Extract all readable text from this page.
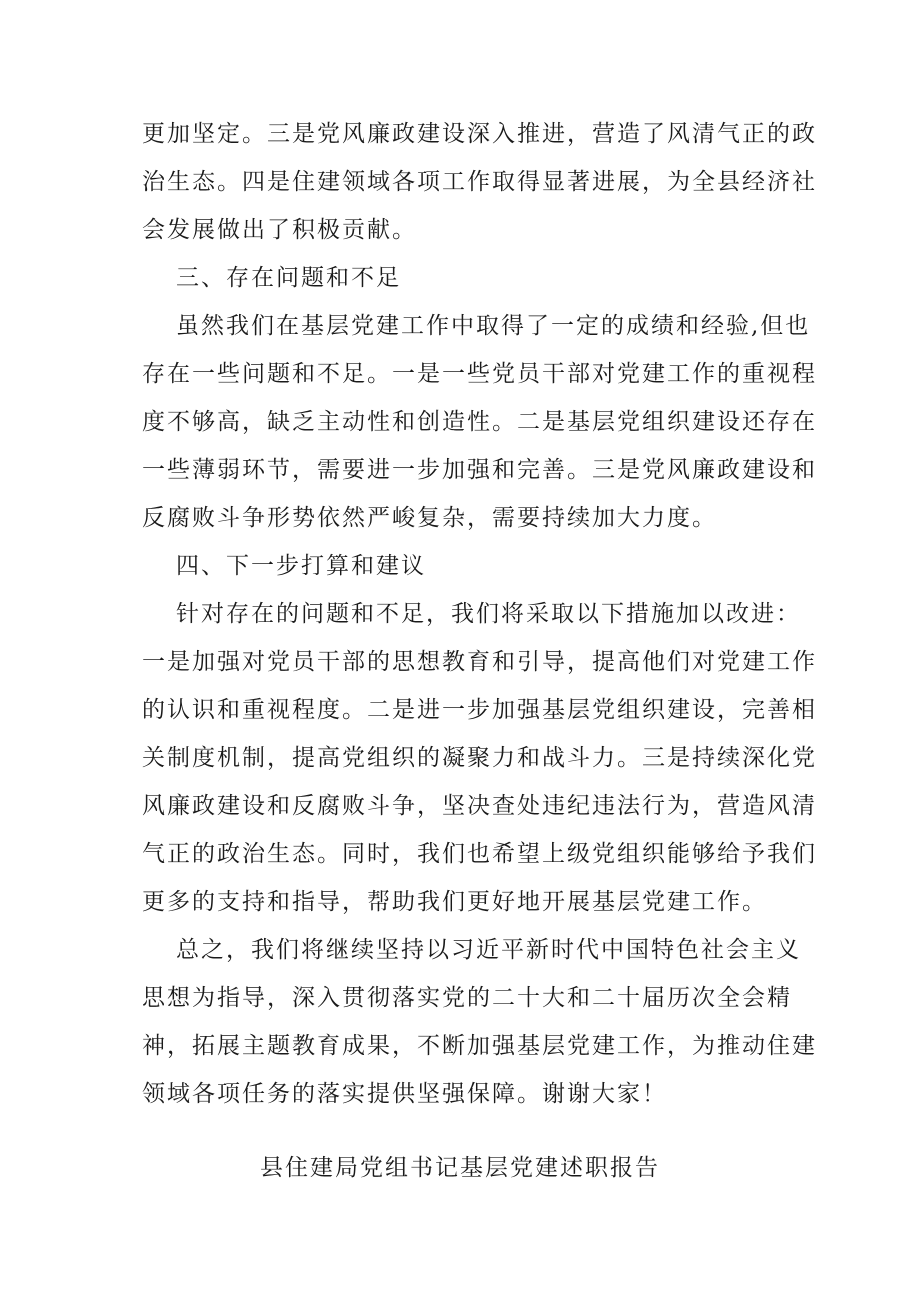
更加坚定。三是党风廉政建设深入推进，营造了风清气正的政
治生态。四是住建领域各项工作取得显著进展，为全县经济社
会发展做出了积极贡献。
三、存在问题和不足
虽然我们在基层党建工作中取得了一定的成绩和经验,但也
存在一些问题和不足。一是一些党员干部对党建工作的重视程
度不够高，缺乏主动性和创造性。二是基层党组织建设还存在
一些薄弱环节，需要进一步加强和完善。三是党风廉政建设和
反腐败斗争形势依然严峻复杂，需要持续加大力度。
四、下一步打算和建议
针对存在的问题和不足，我们将采取以下措施加以改进：
一是加强对党员干部的思想教育和引导，提高他们对党建工作
的认识和重视程度。二是进一步加强基层党组织建设，完善相
关制度机制，提高党组织的凝聚力和战斗力。三是持续深化党
风廉政建设和反腐败斗争，坚决查处违纪违法行为，营造风清
气正的政治生态。同时，我们也希望上级党组织能够给予我们
更多的支持和指导，帮助我们更好地开展基层党建工作。
总之，我们将继续坚持以习近平新时代中国特色社会主义
思想为指导，深入贯彻落实党的二十大和二十届历次全会精
神，拓展主题教育成果，不断加强基层党建工作，为推动住建
领域各项任务的落实提供坚强保障。谢谢大家！
县住建局党组书记基层党建述职报告
